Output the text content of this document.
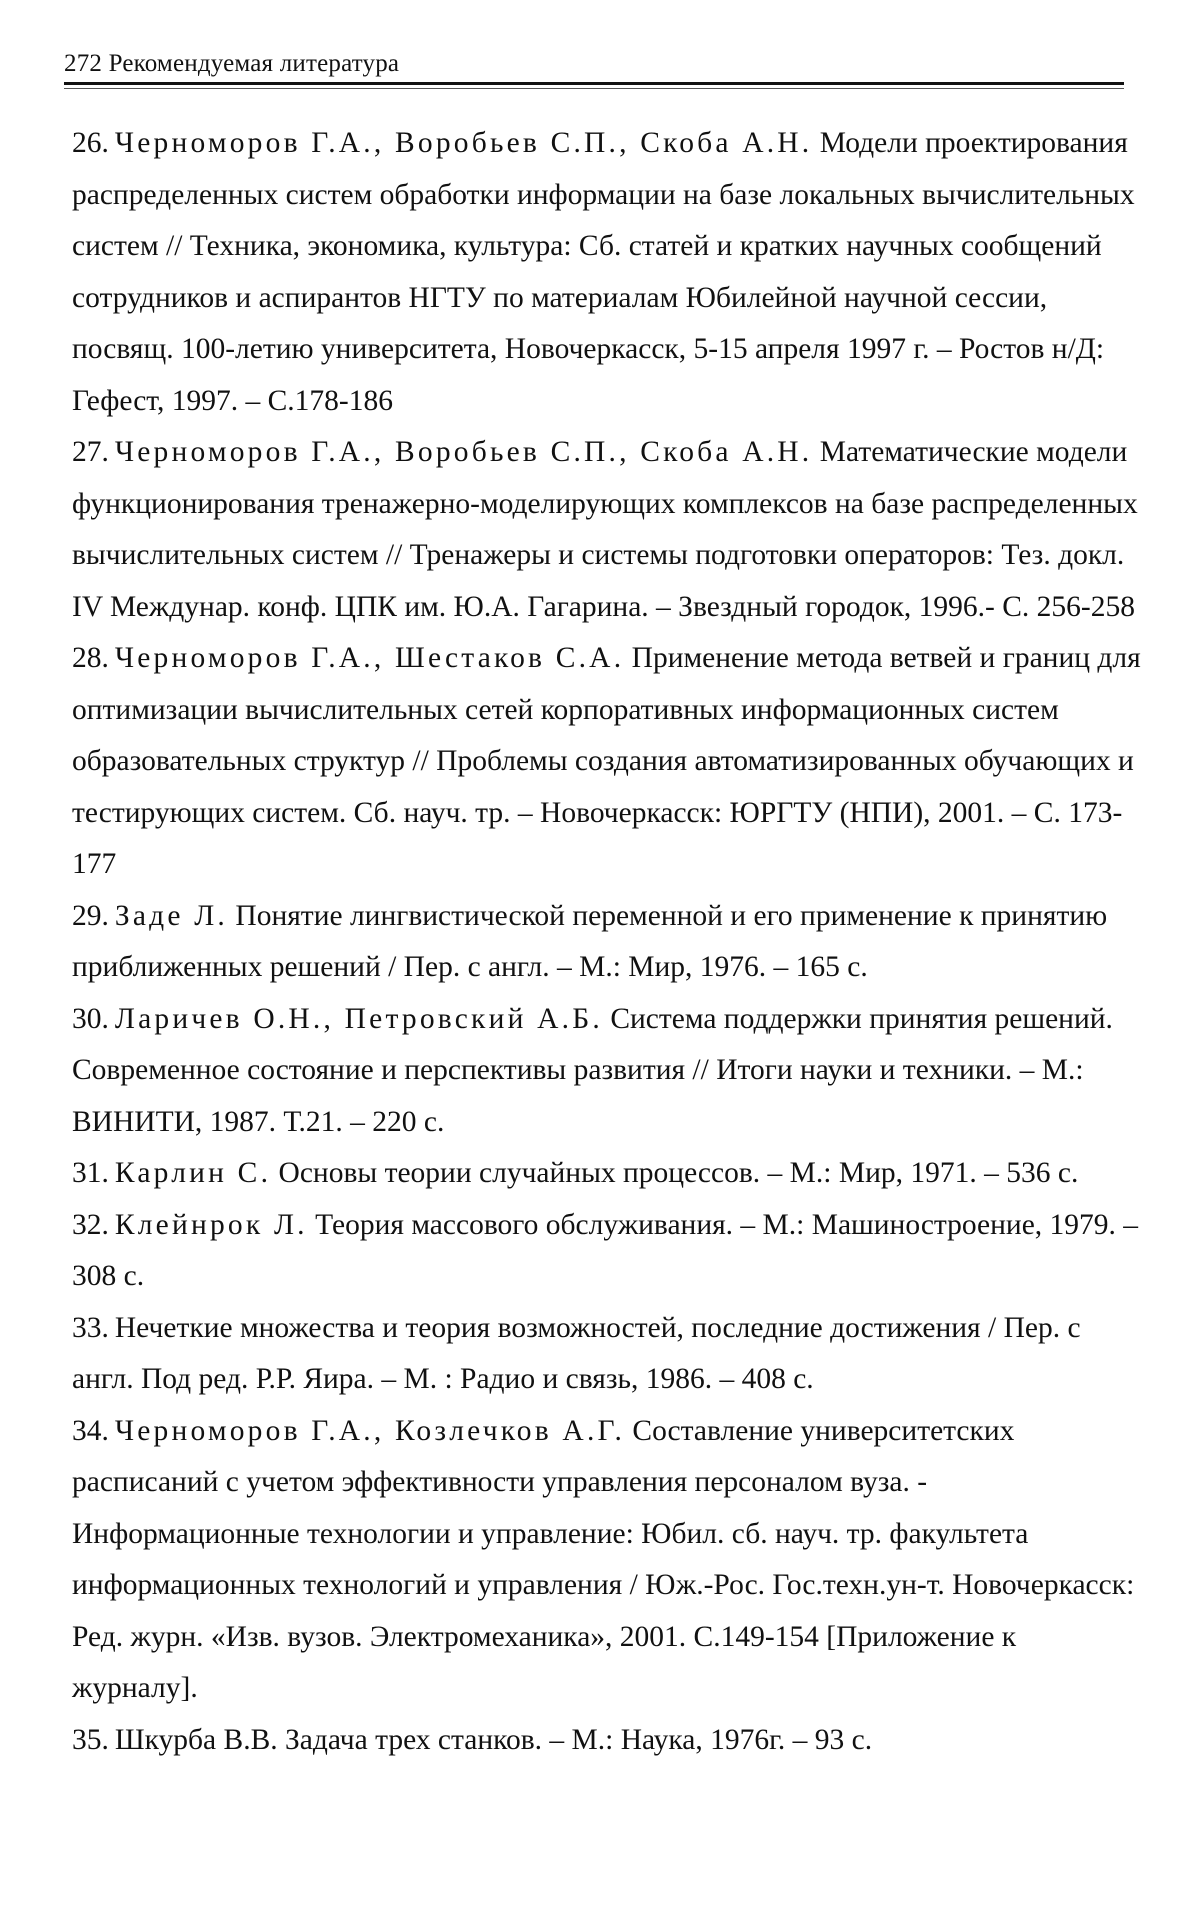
272 Рекомендуемая литература

26. Черноморов Г.А., Воробьев С.П., Скоба А.Н. Модели проектирования распределенных систем обработки информации на базе локальных вычислительных систем // Техника, экономика, культура: Сб. статей и кратких научных сообщений сотрудников и аспирантов НГТУ по материалам Юбилейной научной сессии, посвящ. 100-летию университета, Новочеркасск, 5-15 апреля 1997 г. – Ростов н/Д: Гефест, 1997. – С.178-186

27. Черноморов Г.А., Воробьев С.П., Скоба А.Н. Математические модели функционирования тренажерно-моделирующих комплексов на базе распределенных вычислительных систем // Тренажеры и системы подготовки операторов: Тез. докл. IV Междунар. конф. ЦПК им. Ю.А. Гагарина. – Звездный городок, 1996.- С. 256-258

28. Черноморов Г.А., Шестаков С.А. Применение метода ветвей и границ для оптимизации вычислительных сетей корпоративных информационных систем образовательных структур // Проблемы создания автоматизированных обучающих и тестирующих систем. Сб. науч. тр. – Новочеркасск: ЮРГТУ (НПИ), 2001. – С. 173-177

29. Заде Л. Понятие лингвистической переменной и его применение к принятию приближенных решений / Пер. с англ. – М.: Мир, 1976. – 165 с.

30. Ларичев О.Н., Петровский А.Б. Система поддержки принятия решений. Современное состояние и перспективы развития // Итоги науки и техники. – М.: ВИНИТИ, 1987. Т.21. – 220 с.

31. Карлин С. Основы теории случайных процессов. – М.: Мир, 1971. – 536 с.

32. Клейнрок Л. Теория массового обслуживания. – М.: Машиностроение, 1979. – 308 с.

33. Нечеткие множества и теория возможностей, последние достижения / Пер. с англ. Под ред. Р.Р. Яира. – М. : Радио и связь, 1986. – 408 с.

34. Черноморов Г.А., Козлечков А.Г. Составление университетских расписаний с учетом эффективности управления персоналом вуза. - Информационные технологии и управление: Юбил. сб. науч. тр. факультета информационных технологий и управления / Юж.-Рос. Гос.техн.ун-т. Новочеркасск: Ред. журн. «Изв. вузов. Электромеханика», 2001. С.149-154 [Приложение к журналу].

35. Шкурба В.В. Задача трех станков. – М.: Наука, 1976г. – 93 с.
